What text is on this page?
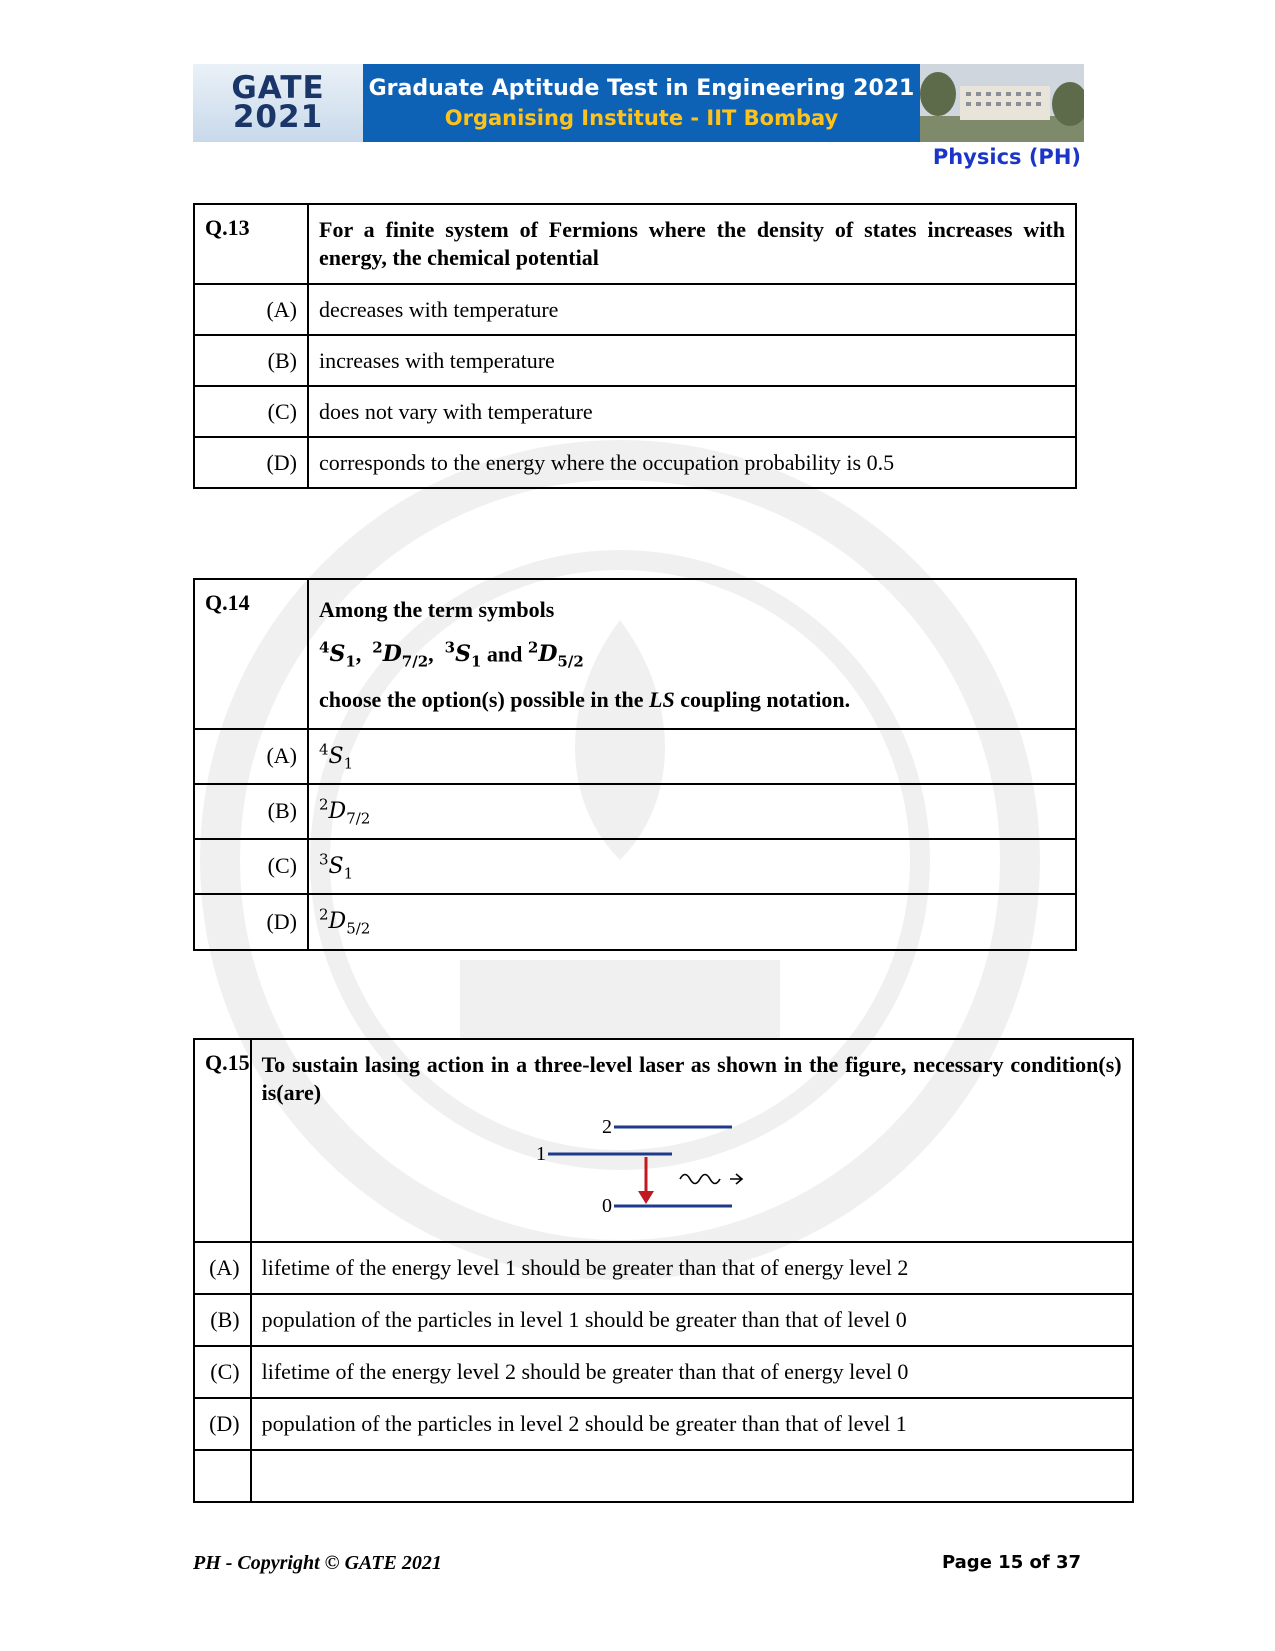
GATE
2021
Graduate Aptitude Test in Engineering 2021
Organising Institute - IIT Bombay
Physics (PH)
Q.13	For a finite system of Fermions where the density of states increases with energy, the chemical potential
(A)	decreases with temperature
(B)	increases with temperature
(C)	does not vary with temperature
(D)	corresponds to the energy where the occupation probability is 0.5
Q.14	Among the term symbols
$^4S_1$,  $^2D_{7/2}$,  $^3S_1$ and $^2D_{5/2}$
choose the option(s) possible in the LS coupling notation.

(A)	$^4S_1$
(B)	$^2D_{7/2}$
(C)	$^3S_1$
(D)	$^2D_{5/2}$
Q.15	To sustain lasing action in a three-level laser as shown in the figure, necessary condition(s) is(are)
2
1
0

(A)	lifetime of the energy level 1 should be greater than that of energy level 2
(B)	population of the particles in level 1 should be greater than that of level 0
(C)	lifetime of the energy level 2 should be greater than that of energy level 0
(D)	population of the particles in level 2 should be greater than that of level 1

PH - Copyright © GATE 2021	Page 15 of 37
